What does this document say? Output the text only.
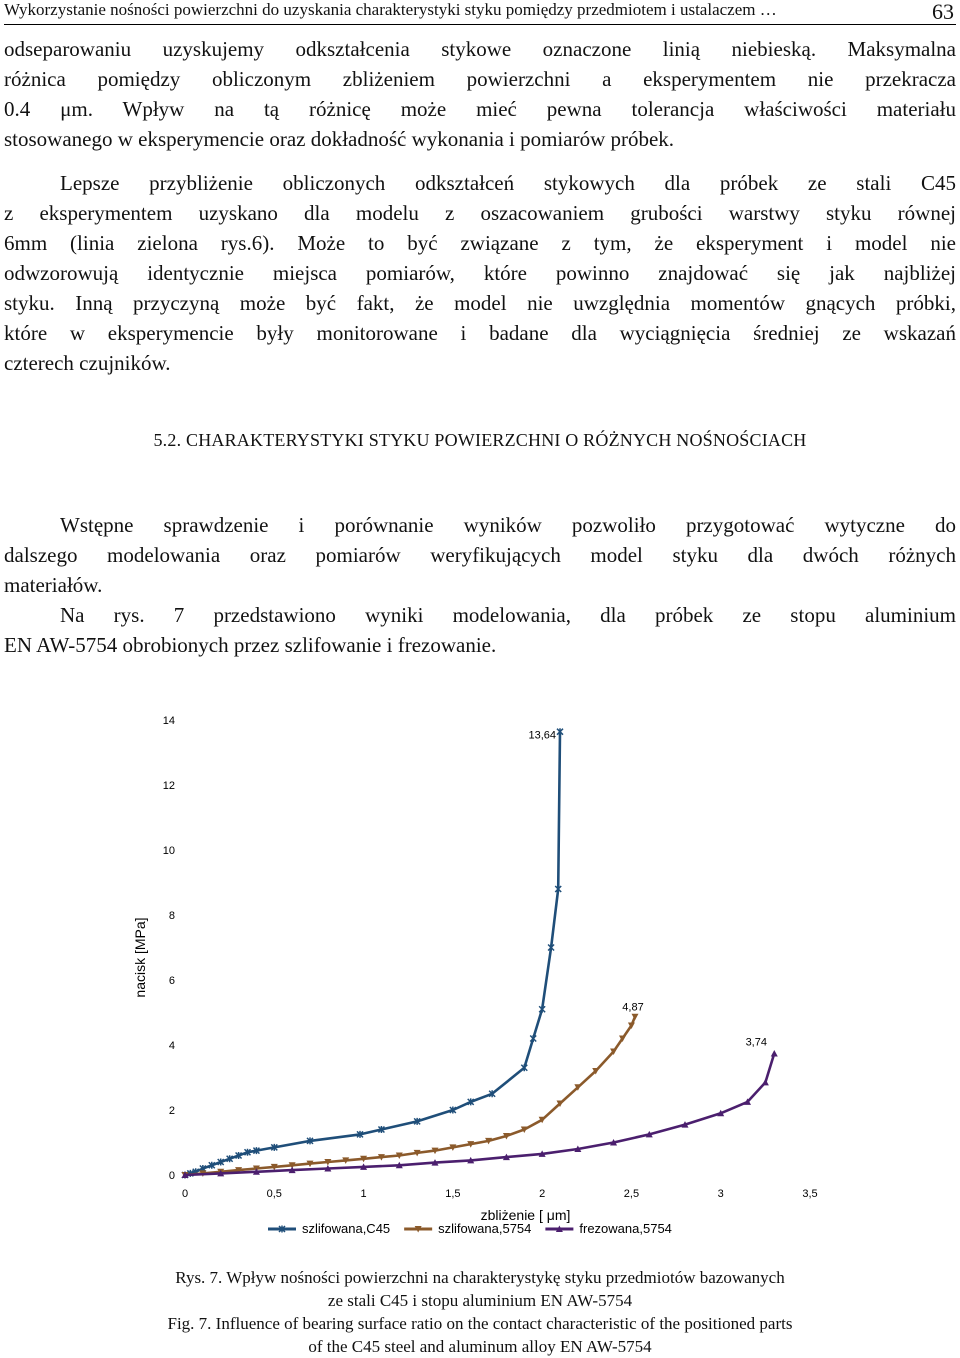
Wykorzystanie nośności powierzchni do uzyskania charakterystyki styku pomiędzy przedmiotem i ustalaczem …	63
odseparowaniu uzyskujemy odkształcenia stykowe oznaczone linią niebieską. Maksymalna
różnica pomiędzy obliczonym zbliżeniem powierzchni a eksperymentem nie przekracza
0.4 μm. Wpływ na tą różnicę może mieć pewna tolerancja właściwości materiału
stosowanego w eksperymencie oraz dokładność wykonania i pomiarów próbek.
Lepsze przybliżenie obliczonych odkształceń stykowych dla próbek ze stali C45
z eksperymentem uzyskano dla modelu z oszacowaniem grubości warstwy styku równej
6mm (linia zielona rys.6). Może to być związane z tym, że eksperyment i model nie
odwzorowują identycznie miejsca pomiarów, które powinno znajdować się jak najbliżej
styku. Inną przyczyną może być fakt, że model nie uwzględnia momentów gnących próbki,
które w eksperymencie były monitorowane i badane dla wyciągnięcia średniej ze wskazań
czterech czujników.
5.2. CHARAKTERYSTYKI STYKU POWIERZCHNI O RÓŻNYCH NOŚNOŚCIACH
Wstępne sprawdzenie i porównanie wyników pozwoliło przygotować wytyczne do
dalszego modelowania oraz pomiarów weryfikujących model styku dla dwóch różnych
materiałów.
Na rys. 7 przedstawiono wyniki modelowania, dla próbek ze stopu aluminium
EN AW-5754 obrobionych przez szlifowanie i frezowanie.
0
2
4
6
8
10
12
14
0	0,5	1	1,5	2	2,5	3	3,5
zbliżenie [ μm]
nacisk [MPa]
13,64
4,87
3,74
szlifowana,C45	szlifowana,5754	frezowana,5754
Rys. 7. Wpływ nośności powierzchni na charakterystykę styku przedmiotów bazowanych
ze stali C45 i stopu aluminium EN AW-5754
Fig. 7. Influence of bearing surface ratio on the contact characteristic of the positioned parts
of the C45 steel and aluminum alloy EN AW-5754
